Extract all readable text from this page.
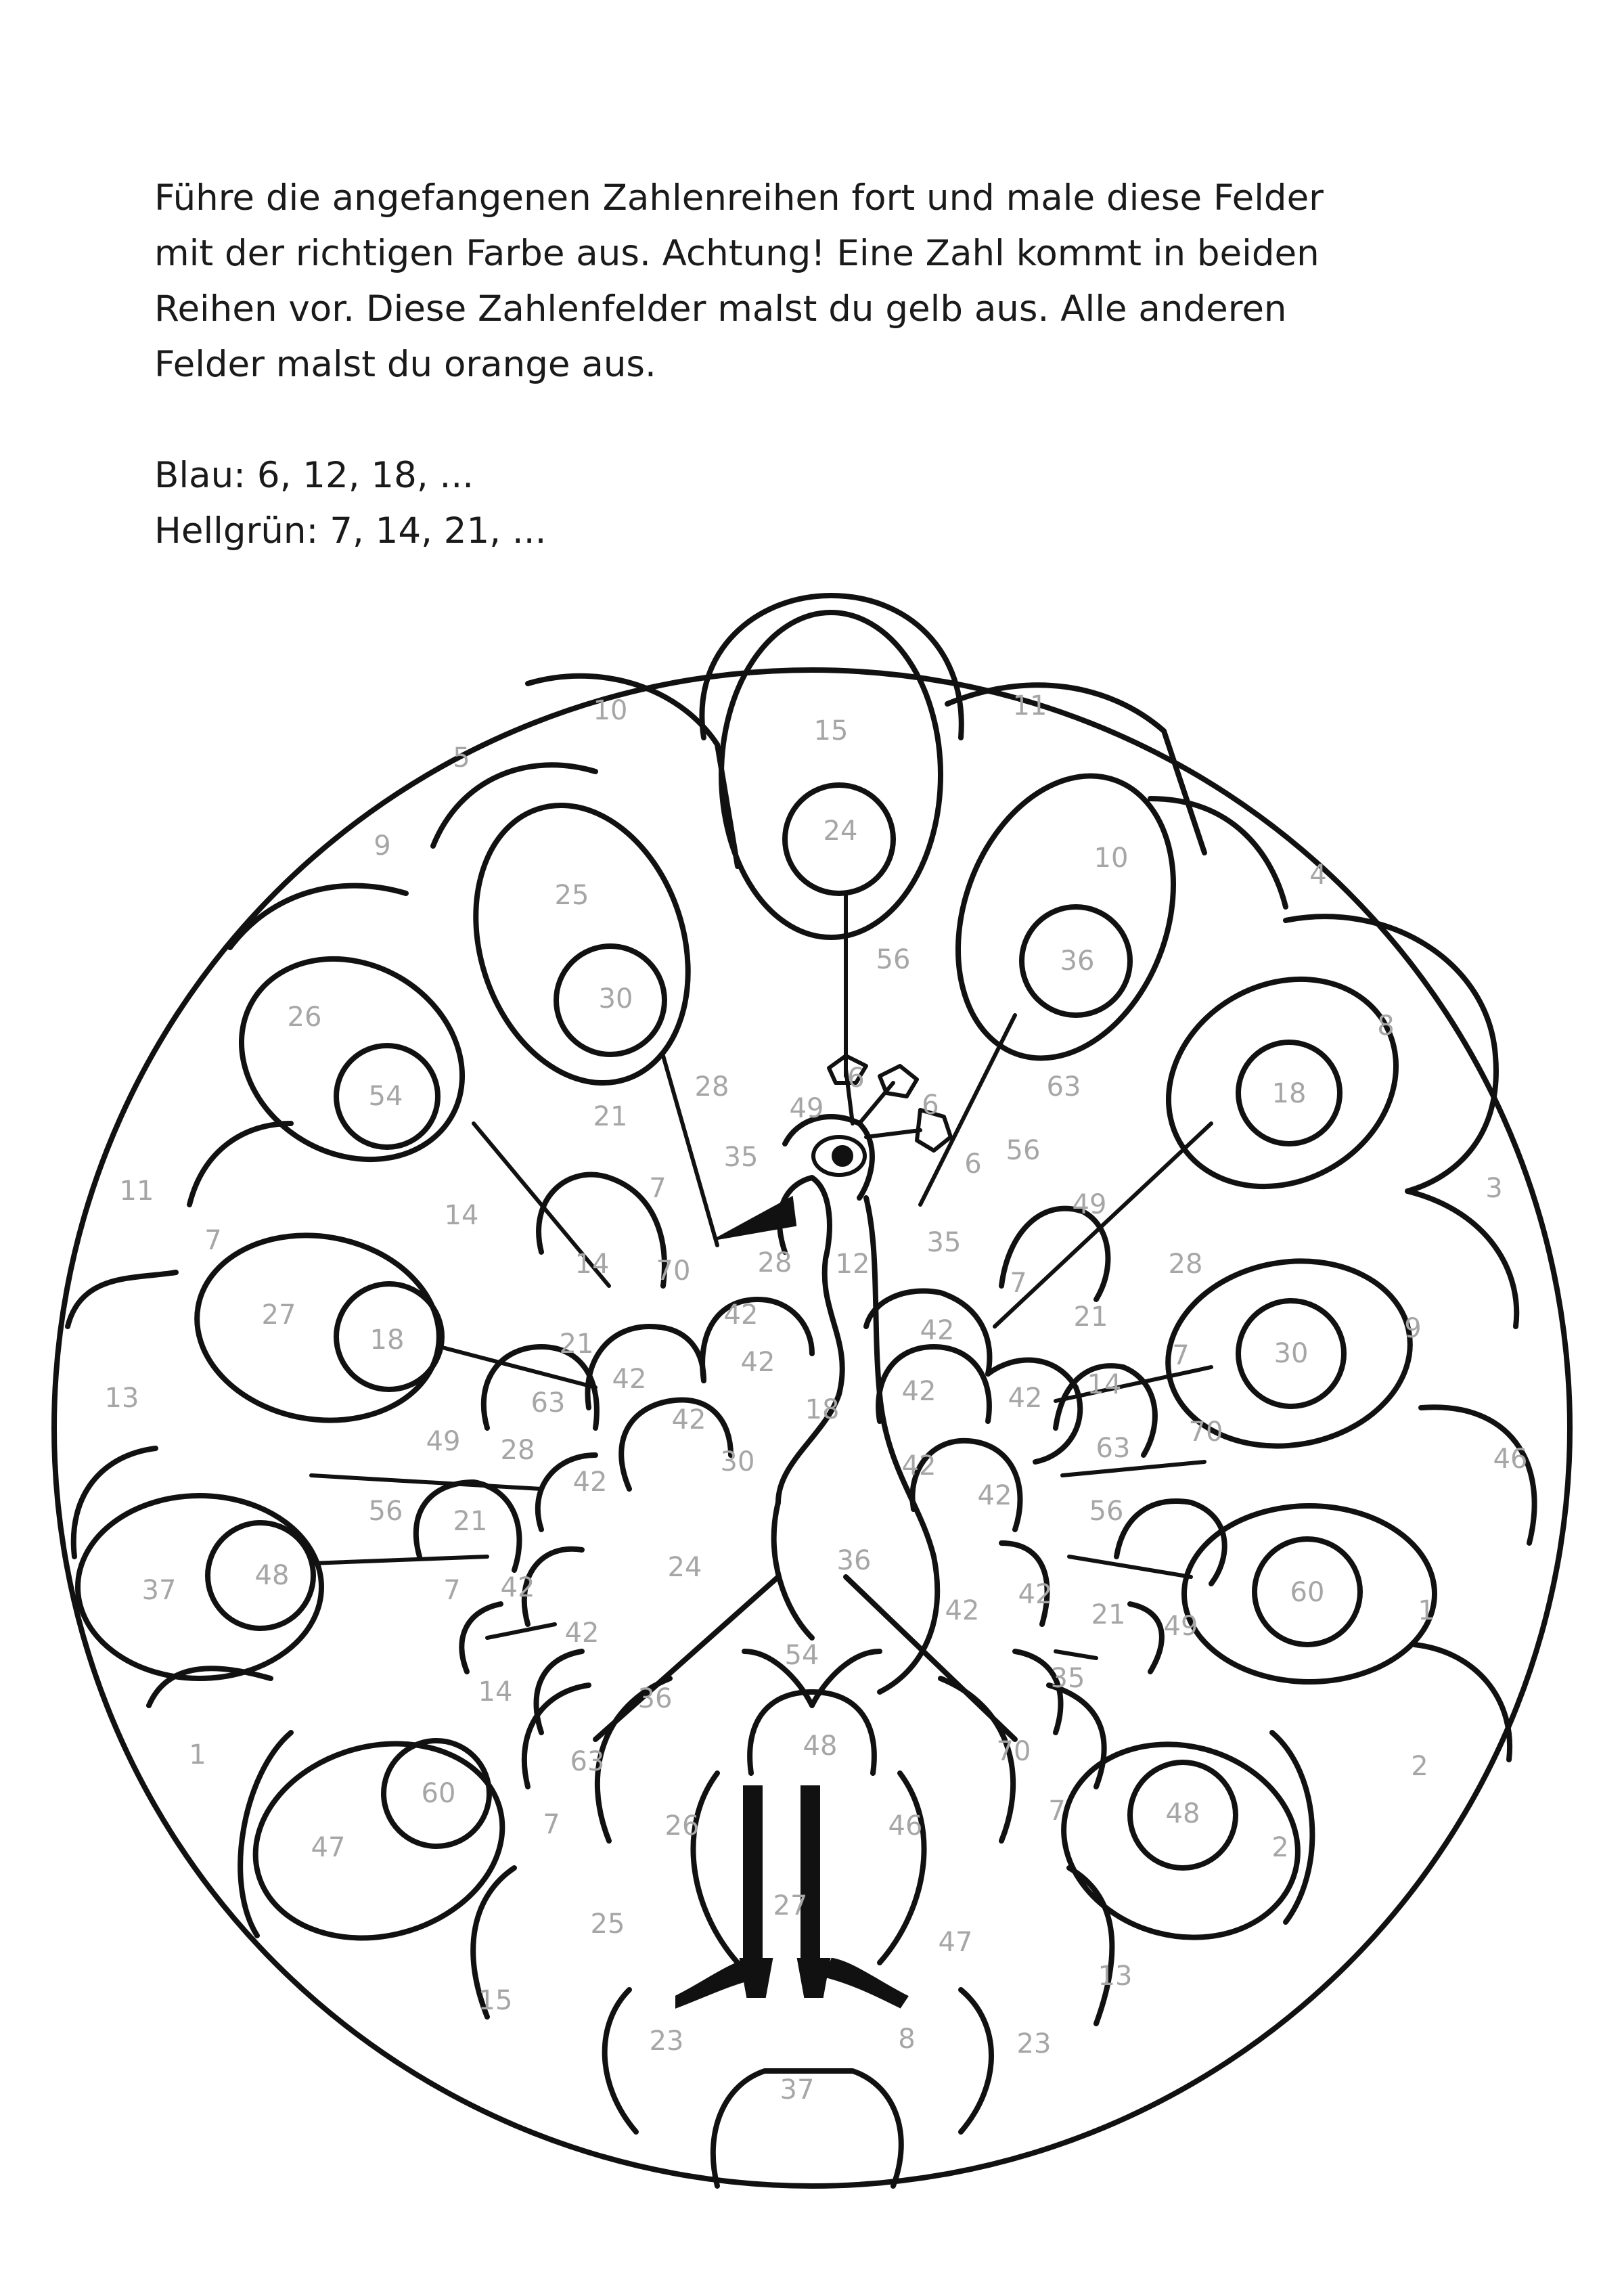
Führe die angefangenen Zahlenreihen fort und male diese Felder

mit der richtigen Farbe aus. Achtung! Eine Zahl kommt in beiden

Reihen vor. Diese Zahlenfelder malst du gelb aus. Alle anderen

Felder malst du orange aus.

Blau: 6, 12, 18, ...

Hellgrün: 7, 14, 21, ...

10
15
11
5
24
9
4
25
10
36
56
30
8
26
54
6
6
63	18
28
49
21
6 56
35
3
7
11
14	49
35
14 70 28 12
7
28
27	21	9
18
42
7
30
21	42
42
13
7
63
42
18
42
42	14
70
49
42
28	63	46
30	42
42
56	42
21	56
37	48	24	36
60
7 42	42
42	1
21 49
42
54
35
14	36
1	48	70
63	2
60
7
47
26	46	7	48
2
27
25
47
13
15
23	8	23
37
